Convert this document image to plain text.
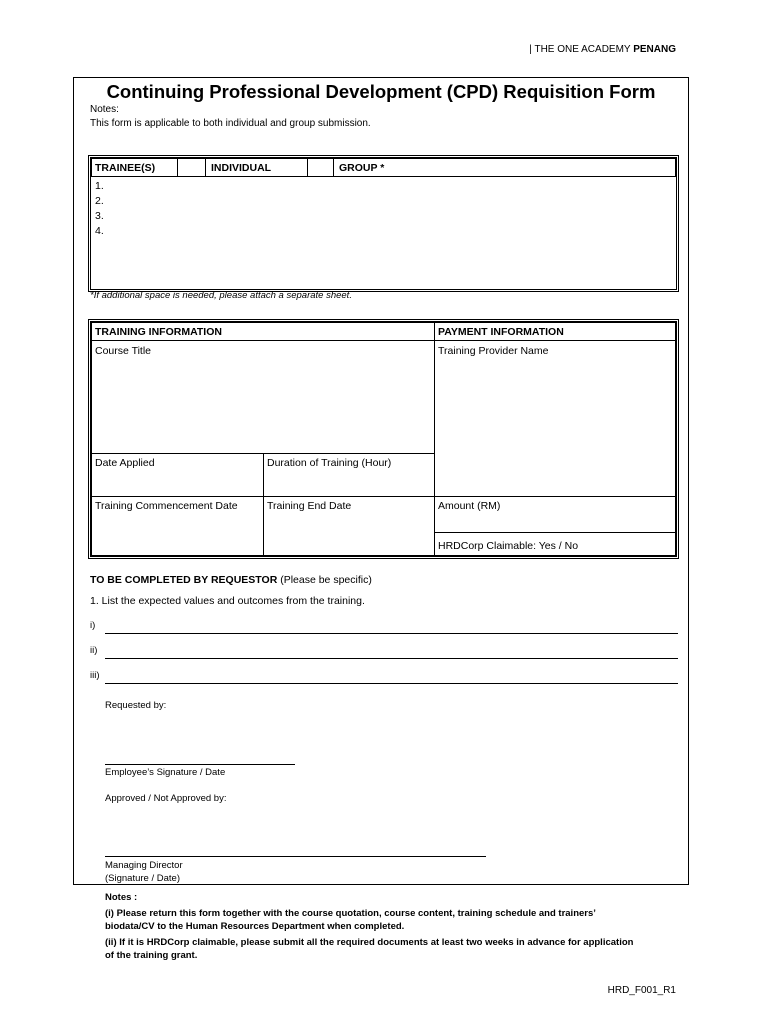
| THE ONE ACADEMY PENANG
Continuing Professional Development (CPD) Requisition Form
Notes:
This form is applicable to both individual and group submission.
TRAINEE(S)	INDIVIDUAL	GROUP *
1.
2.
3.
4.
*If additional space is needed, please attach a separate sheet.
TRAINING INFORMATION	PAYMENT INFORMATION
Course Title	Training Provider Name
Date Applied	Duration of Training (Hour)
Training Commencement Date	Training End Date	Amount (RM)
HRDCorp Claimable: Yes / No
TO BE COMPLETED BY REQUESTOR (Please be specific)
1. List the expected values and outcomes from the training.
i)
ii)
iii)
Requested by:
Employee’s Signature / Date
Approved / Not Approved by:
Managing Director
(Signature / Date)
Notes :
(i) Please return this form together with the course quotation, course content, training schedule and trainers’
biodata/CV to the Human Resources Department when completed.
(ii) If it is HRDCorp claimable, please submit all the required documents at least two weeks in advance for application
of the training grant.
HRD_F001_R1
